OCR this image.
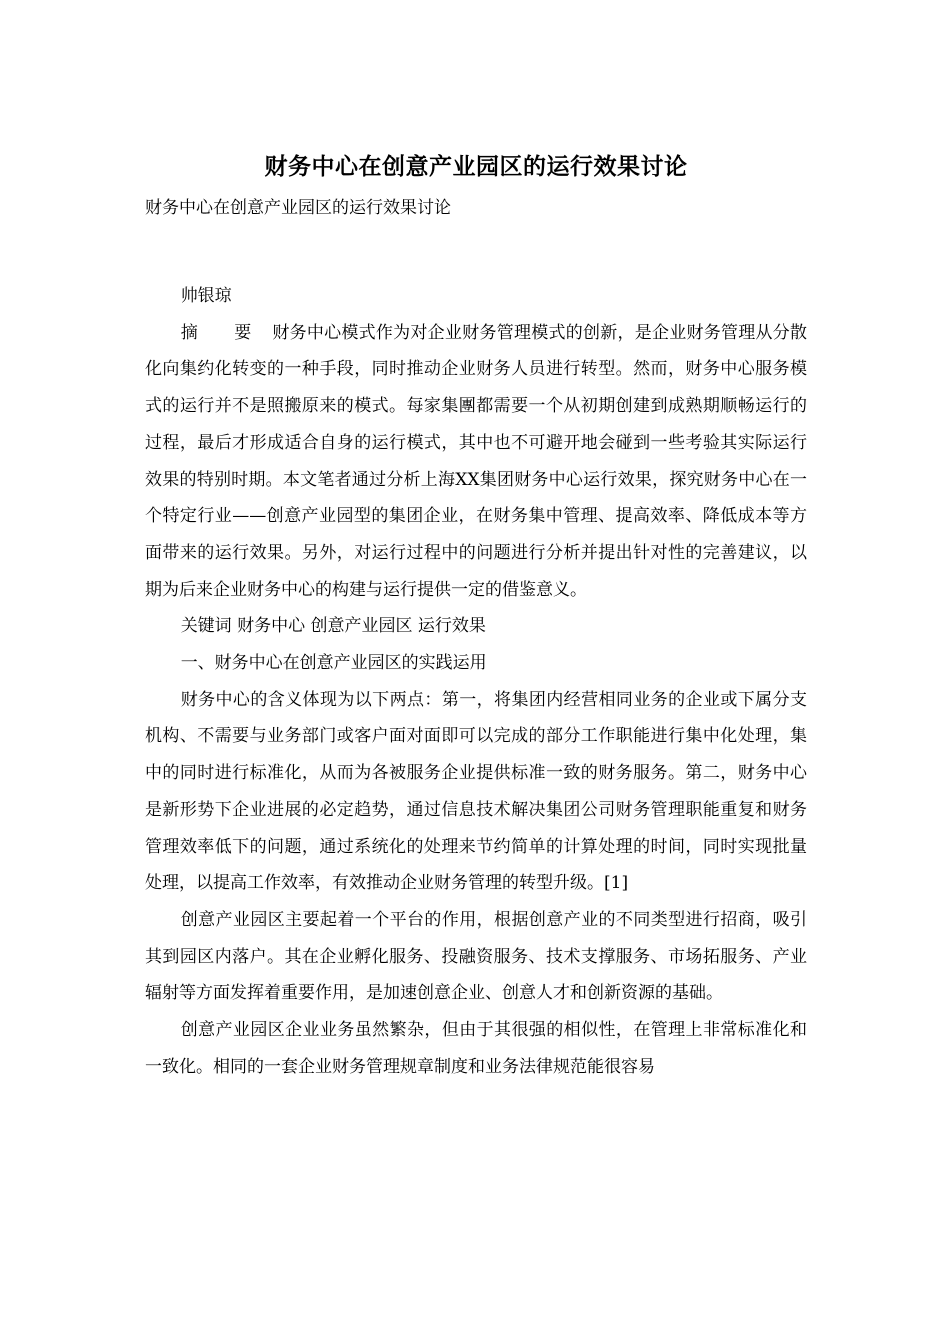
财务中心在创意产业园区的运行效果讨论
财务中心在创意产业园区的运行效果讨论
帅银琼

摘 要 财务中心模式作为对企业财务管理模式的创新，是企业财务管理从分散化向集约化转变的一种手段，同时推动企业财务人员进行转型。然而，财务中心服务模式的运行并不是照搬原来的模式。每家集團都需要一个从初期创建到成熟期顺畅运行的过程，最后才形成适合自身的运行模式，其中也不可避开地会碰到一些考验其实际运行效果的特别时期。本文笔者通过分析上海XX集团财务中心运行效果，探究财务中心在一个特定行业——创意产业园型的集团企业，在财务集中管理、提高效率、降低成本等方面带来的运行效果。另外，对运行过程中的问题进行分析并提出针对性的完善建议，以期为后来企业财务中心的构建与运行提供一定的借鉴意义。

关键词 财务中心 创意产业园区 运行效果

一、财务中心在创意产业园区的实践运用

财务中心的含义体现为以下两点：第一，将集团内经营相同业务的企业或下属分支机构、不需要与业务部门或客户面对面即可以完成的部分工作职能进行集中化处理，集中的同时进行标准化，从而为各被服务企业提供标准一致的财务服务。第二，财务中心是新形势下企业进展的必定趋势，通过信息技术解决集团公司财务管理职能重复和财务管理效率低下的问题，通过系统化的处理来节约简单的计算处理的时间，同时实现批量处理，以提高工作效率，有效推动企业财务管理的转型升级。[1]

创意产业园区主要起着一个平台的作用，根据创意产业的不同类型进行招商，吸引其到园区内落户。其在企业孵化服务、投融资服务、技术支撑服务、市场拓服务、产业辐射等方面发挥着重要作用，是加速创意企业、创意人才和创新资源的基础。

创意产业园区企业业务虽然繁杂，但由于其很强的相似性，在管理上非常标准化和一致化。相同的一套企业财务管理规章制度和业务法律规范能很容易
